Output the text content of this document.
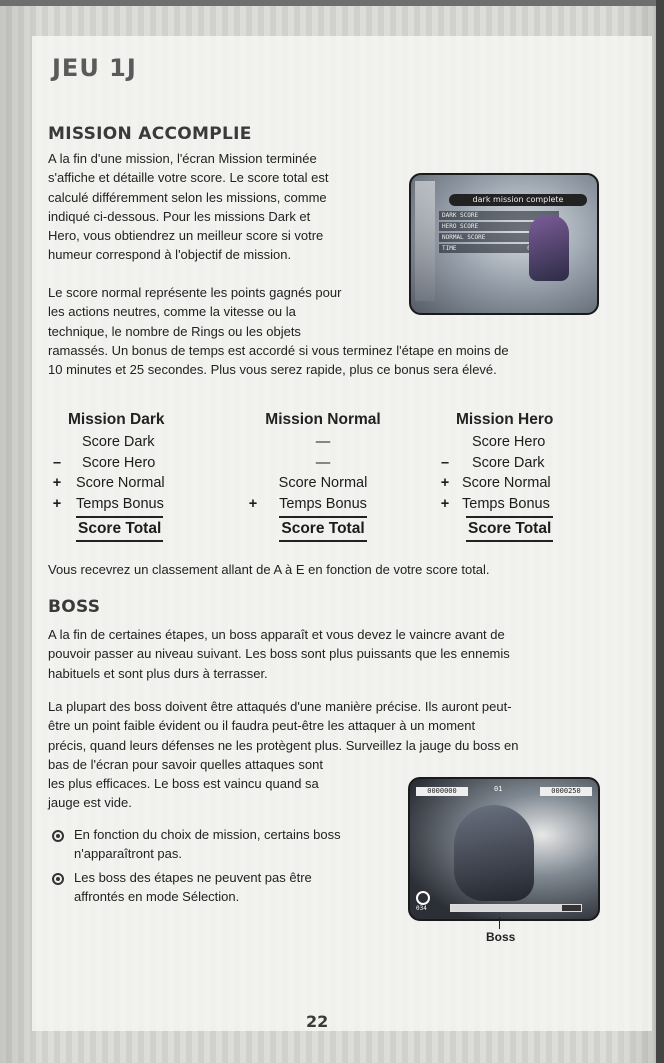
JEU 1J
MISSION ACCOMPLIE
A la fin d'une mission, l'écran Mission terminée
s'affiche et détaille votre score. Le score total est
calculé différemment selon les missions, comme
indiqué ci-dessous. Pour les missions Dark et
Hero, vous obtiendrez un meilleur score si votre
humeur correspond à l'objectif de mission.
Le score normal représente les points gagnés pour
les actions neutres, comme la vitesse ou la
technique, le nombre de Rings ou les objets
ramassés. Un bonus de temps est accordé si vous terminez l'étape en moins de
10 minutes et 25 secondes. Plus vous serez rapide, plus ce bonus sera élevé.
dark mission complete
DARK SCORE
HERO SCORE
NORMAL SCORE
TIME
Mission Dark
Score Dark
– Score Hero
+ Score Normal
+ Temps Bonus
Score Total
Mission Normal
—
—
Score Normal
+ Temps Bonus
Score Total
Mission Hero
Score Hero
– Score Dark
+ Score Normal
+ Temps Bonus
Score Total
Vous recevrez un classement allant de A à E en fonction de votre score total.
BOSS
A la fin de certaines étapes, un boss apparaît et vous devez le vaincre avant de
pouvoir passer au niveau suivant. Les boss sont plus puissants que les ennemis
habituels et sont plus durs à terrasser.
La plupart des boss doivent être attaqués d'une manière précise. Ils auront peut-
être un point faible évident ou il faudra peut-être les attaquer à un moment
précis, quand leurs défenses ne les protègent plus. Surveillez la jauge du boss en
bas de l'écran pour savoir quelles attaques sont
les plus efficaces. Le boss est vaincu quand sa
jauge est vide.
En fonction du choix de mission, certains boss
n'apparaîtront pas.
Les boss des étapes ne peuvent pas être
affrontés en mode Sélection.
0000000	01	0000250
034
Boss
22
